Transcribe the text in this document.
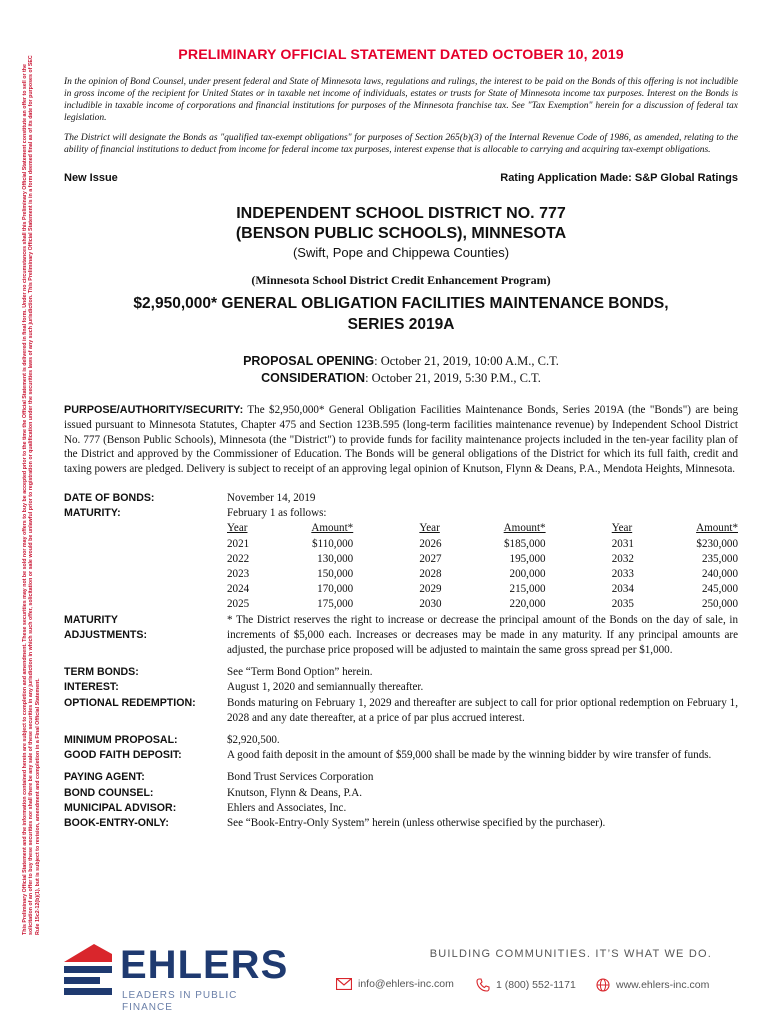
This Preliminary Official Statement and the information contained herein are subject to completion and amendment. These securities may not be sold nor may offers to buy be accepted prior to the time the Official Statement is delivered in final form. Under no circumstances shall this Preliminary Official Statement constitute an offer to sell or the solicitation of an offer to buy these securities nor shall there be any sale of these securities in any jurisdiction in which such offer, solicitation or sale would be unlawful prior to registration or qualification under the securities laws of any such jurisdiction. This Preliminary Official Statement is in a form deemed final as of its date for purposes of SEC Rule 15c2-12(b)(1), but is subject to revision, amendment and completion in a Final Official Statement.
PRELIMINARY OFFICIAL STATEMENT DATED OCTOBER 10, 2019

In the opinion of Bond Counsel, under present federal and State of Minnesota laws, regulations and rulings, the interest to be paid on the Bonds of this offering is not includible in gross income of the recipient for United States or in taxable net income of individuals, estates or trusts for State of Minnesota income tax purposes. Interest on the Bonds is includible in taxable income of corporations and financial institutions for purposes of the Minnesota franchise tax. See "Tax Exemption" herein for a discussion of federal tax legislation.

The District will designate the Bonds as "qualified tax-exempt obligations" for purposes of Section 265(b)(3) of the Internal Revenue Code of 1986, as amended, relating to the ability of financial institutions to deduct from income for federal income tax purposes, interest expense that is allocable to carrying and acquiring tax-exempt obligations.

New Issue	Rating Application Made: S&P Global Ratings
INDEPENDENT SCHOOL DISTRICT NO. 777
(BENSON PUBLIC SCHOOLS), MINNESOTA
(Swift, Pope and Chippewa Counties)
(Minnesota School District Credit Enhancement Program)
$2,950,000* GENERAL OBLIGATION FACILITIES MAINTENANCE BONDS,
SERIES 2019A
PROPOSAL OPENING: October 21, 2019, 10:00 A.M., C.T.
CONSIDERATION: October 21, 2019, 5:30 P.M., C.T.

PURPOSE/AUTHORITY/SECURITY: The $2,950,000* General Obligation Facilities Maintenance Bonds, Series 2019A (the "Bonds") are being issued pursuant to Minnesota Statutes, Chapter 475 and Section 123B.595 (long-term facilities maintenance revenue) by Independent School District No. 777 (Benson Public Schools), Minnesota (the "District") to provide funds for facility maintenance projects included in the ten-year facility plan of the District and approved by the Commissioner of Education. The Bonds will be general obligations of the District for which its full faith, credit and taxing powers are pledged. Delivery is subject to receipt of an approving legal opinion of Knutson, Flynn & Deans, P.A., Mendota Heights, Minnesota.

DATE OF BONDS:	November 14, 2019
MATURITY:	February 1 as follows:
Year	Amount*		Year	Amount*		Year	Amount*
2021	$110,000		2026	$185,000		2031	$230,000
2022	130,000		2027	195,000		2032	235,000
2023	150,000		2028	200,000		2033	240,000
2024	170,000		2029	215,000		2034	245,000
2025	175,000		2030	220,000		2035	250,000
MATURITY
ADJUSTMENTS:
* The District reserves the right to increase or decrease the principal amount of the Bonds on the day of sale, in increments of $5,000 each. Increases or decreases may be made in any maturity. If any principal amounts are adjusted, the purchase price proposed will be adjusted to maintain the same gross spread per $1,000.
TERM BONDS:	See “Term Bond Option” herein.
INTEREST:	August 1, 2020 and semiannually thereafter.
OPTIONAL REDEMPTION:	Bonds maturing on February 1, 2029 and thereafter are subject to call for prior optional redemption on February 1, 2028 and any date thereafter, at a price of par plus accrued interest.
MINIMUM PROPOSAL:	$2,920,500.
GOOD FAITH DEPOSIT:	A good faith deposit in the amount of $59,000 shall be made by the winning bidder by wire transfer of funds.
PAYING AGENT:	Bond Trust Services Corporation
BOND COUNSEL:	Knutson, Flynn & Deans, P.A.
MUNICIPAL ADVISOR:	Ehlers and Associates, Inc.
BOOK-ENTRY-ONLY:	See “Book-Entry-Only System” herein (unless otherwise specified by the purchaser).
EHLERS
LEADERS IN PUBLIC FINANCE
BUILDING COMMUNITIES. IT’S WHAT WE DO.
info@ehlers-inc.com	1 (800) 552-1171	www.ehlers-inc.com
